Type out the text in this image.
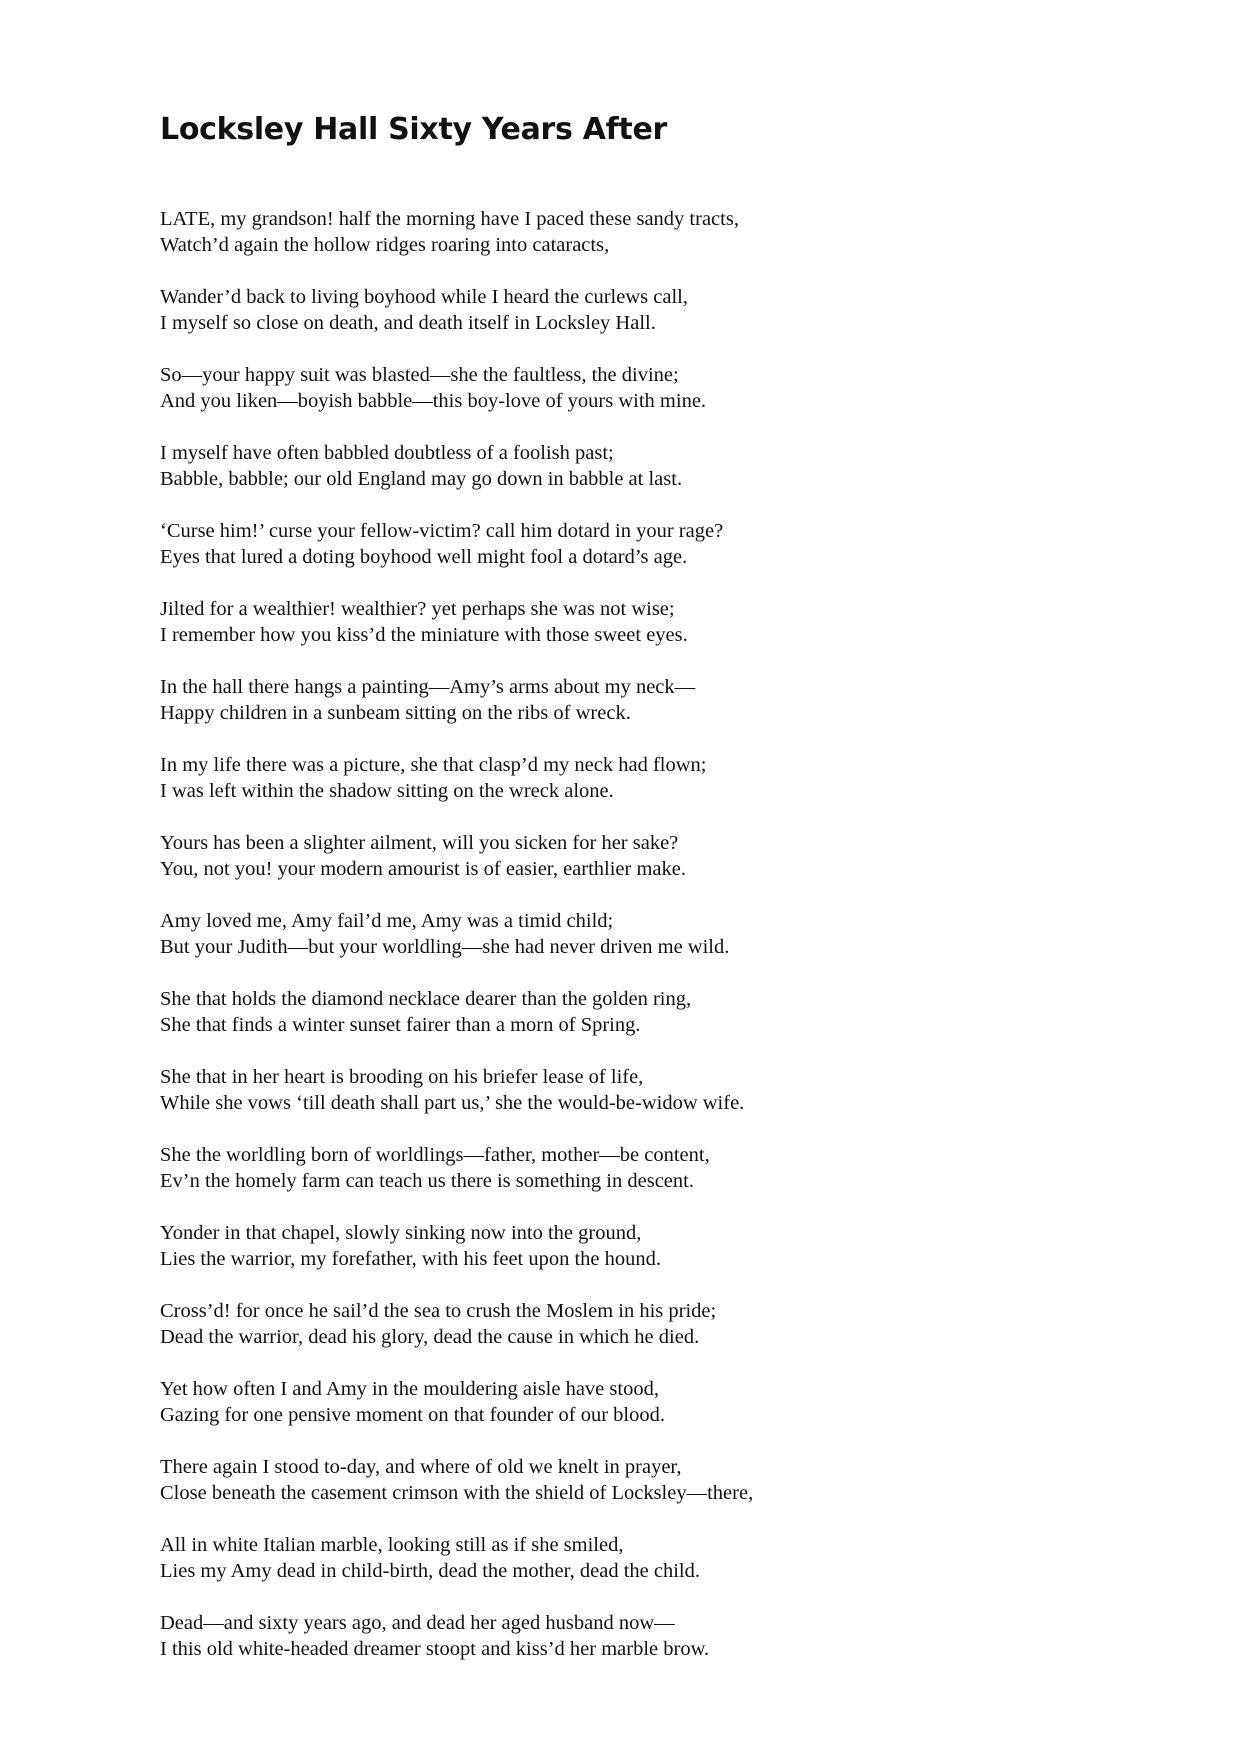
Locksley Hall Sixty Years After
LATE, my grandson! half the morning have I paced these sandy tracts,
Watch’d again the hollow ridges roaring into cataracts,
Wander’d back to living boyhood while I heard the curlews call,
I myself so close on death, and death itself in Locksley Hall.
So—your happy suit was blasted—she the faultless, the divine;
And you liken—boyish babble—this boy-love of yours with mine.
I myself have often babbled doubtless of a foolish past;
Babble, babble; our old England may go down in babble at last.
‘Curse him!’ curse your fellow-victim? call him dotard in your rage?
Eyes that lured a doting boyhood well might fool a dotard’s age.
Jilted for a wealthier! wealthier? yet perhaps she was not wise;
I remember how you kiss’d the miniature with those sweet eyes.
In the hall there hangs a painting—Amy’s arms about my neck—
Happy children in a sunbeam sitting on the ribs of wreck.
In my life there was a picture, she that clasp’d my neck had flown;
I was left within the shadow sitting on the wreck alone.
Yours has been a slighter ailment, will you sicken for her sake?
You, not you! your modern amourist is of easier, earthlier make.
Amy loved me, Amy fail’d me, Amy was a timid child;
But your Judith—but your worldling—she had never driven me wild.
She that holds the diamond necklace dearer than the golden ring,
She that finds a winter sunset fairer than a morn of Spring.
She that in her heart is brooding on his briefer lease of life,
While she vows ‘till death shall part us,’ she the would-be-widow wife.
She the worldling born of worldlings—father, mother—be content,
Ev’n the homely farm can teach us there is something in descent.
Yonder in that chapel, slowly sinking now into the ground,
Lies the warrior, my forefather, with his feet upon the hound.
Cross’d! for once he sail’d the sea to crush the Moslem in his pride;
Dead the warrior, dead his glory, dead the cause in which he died.
Yet how often I and Amy in the mouldering aisle have stood,
Gazing for one pensive moment on that founder of our blood.
There again I stood to-day, and where of old we knelt in prayer,
Close beneath the casement crimson with the shield of Locksley—there,
All in white Italian marble, looking still as if she smiled,
Lies my Amy dead in child-birth, dead the mother, dead the child.
Dead—and sixty years ago, and dead her aged husband now—
I this old white-headed dreamer stoopt and kiss’d her marble brow.
